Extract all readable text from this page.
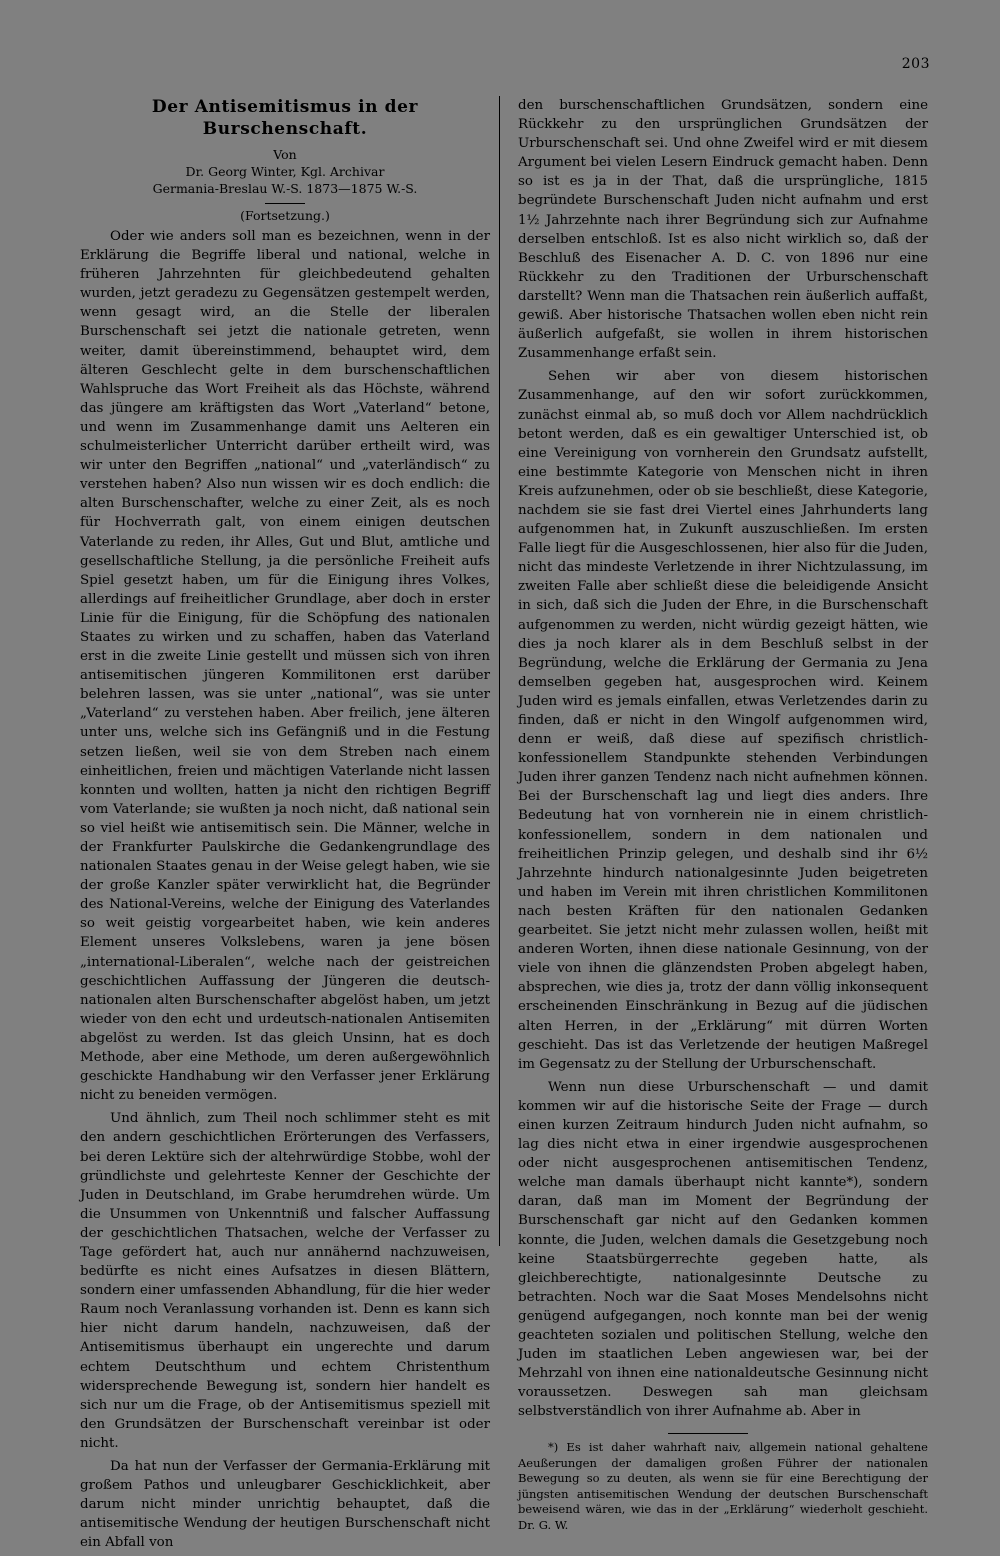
203
Der Antisemitismus in der Burschenschaft.
Von
Dr. Georg Winter, Kgl. Archivar
Germania-Breslau W.-S. 1873—1875 W.-S.
(Fortsetzung.)

Oder wie anders soll man es bezeichnen, wenn in der Erklärung die Begriffe liberal und national, welche in früheren Jahrzehnten für gleichbedeutend gehalten wurden, jetzt geradezu zu Gegensätzen gestempelt werden, wenn gesagt wird, an die Stelle der liberalen Burschenschaft sei jetzt die nationale getreten, wenn weiter, damit übereinstimmend, behauptet wird, dem älteren Geschlecht gelte in dem burschenschaftlichen Wahlspruche das Wort Freiheit als das Höchste, während das jüngere am kräftigsten das Wort „Vaterland“ betone, und wenn im Zusammenhange damit uns Aelteren ein schulmeisterlicher Unterricht darüber ertheilt wird, was wir unter den Begriffen „national“ und „vaterländisch“ zu verstehen haben? Also nun wissen wir es doch endlich: die alten Burschenschafter, welche zu einer Zeit, als es noch für Hochverrath galt, von einem einigen deutschen Vaterlande zu reden, ihr Alles, Gut und Blut, amtliche und gesellschaftliche Stellung, ja die persönliche Freiheit aufs Spiel gesetzt haben, um für die Einigung ihres Volkes, allerdings auf freiheitlicher Grundlage, aber doch in erster Linie für die Einigung, für die Schöpfung des nationalen Staates zu wirken und zu schaffen, haben das Vaterland erst in die zweite Linie gestellt und müssen sich von ihren antisemitischen jüngeren Kommilitonen erst darüber belehren lassen, was sie unter „national“, was sie unter „Vaterland“ zu verstehen haben. Aber freilich, jene älteren unter uns, welche sich ins Gefängniß und in die Festung setzen ließen, weil sie von dem Streben nach einem einheitlichen, freien und mächtigen Vaterlande nicht lassen konnten und wollten, hatten ja nicht den richtigen Begriff vom Vaterlande; sie wußten ja noch nicht, daß national sein so viel heißt wie antisemitisch sein. Die Männer, welche in der Frankfurter Paulskirche die Gedankengrundlage des nationalen Staates genau in der Weise gelegt haben, wie sie der große Kanzler später verwirklicht hat, die Begründer des National-Vereins, welche der Einigung des Vaterlandes so weit geistig vorgearbeitet haben, wie kein anderes Element unseres Volkslebens, waren ja jene bösen „international-Liberalen“, welche nach der geistreichen geschichtlichen Auffassung der Jüngeren die deutsch-nationalen alten Burschenschafter abgelöst haben, um jetzt wieder von den echt und urdeutsch-nationalen Antisemiten abgelöst zu werden. Ist das gleich Unsinn, hat es doch Methode, aber eine Methode, um deren außergewöhnlich geschickte Handhabung wir den Verfasser jener Erklärung nicht zu beneiden vermögen.

Und ähnlich, zum Theil noch schlimmer steht es mit den andern geschichtlichen Erörterungen des Verfassers, bei deren Lektüre sich der altehrwürdige Stobbe, wohl der gründlichste und gelehrteste Kenner der Geschichte der Juden in Deutschland, im Grabe herumdrehen würde. Um die Unsummen von Unkenntniß und falscher Auffassung der geschichtlichen Thatsachen, welche der Verfasser zu Tage gefördert hat, auch nur annähernd nachzuweisen, bedürfte es nicht eines Aufsatzes in diesen Blättern, sondern einer umfassenden Abhandlung, für die hier weder Raum noch Veranlassung vorhanden ist. Denn es kann sich hier nicht darum handeln, nachzuweisen, daß der Antisemitismus überhaupt ein ungerechte und darum echtem Deutschthum und echtem Christenthum widersprechende Bewegung ist, sondern hier handelt es sich nur um die Frage, ob der Antisemitismus speziell mit den Grundsätzen der Burschenschaft vereinbar ist oder nicht.

Da hat nun der Verfasser der Germania-Erklärung mit großem Pathos und unleugbarer Geschicklichkeit, aber darum nicht minder unrichtig behauptet, daß die antisemitische Wendung der heutigen Burschenschaft nicht ein Abfall von

den burschenschaftlichen Grundsätzen, sondern eine Rückkehr zu den ursprünglichen Grundsätzen der Urburschenschaft sei. Und ohne Zweifel wird er mit diesem Argument bei vielen Lesern Eindruck gemacht haben. Denn so ist es ja in der That, daß die ursprüngliche, 1815 begründete Burschenschaft Juden nicht aufnahm und erst 1½ Jahrzehnte nach ihrer Begründung sich zur Aufnahme derselben entschloß. Ist es also nicht wirklich so, daß der Beschluß des Eisenacher A. D. C. von 1896 nur eine Rückkehr zu den Traditionen der Urburschenschaft darstellt? Wenn man die Thatsachen rein äußerlich auffaßt, gewiß. Aber historische Thatsachen wollen eben nicht rein äußerlich aufgefaßt, sie wollen in ihrem historischen Zusammenhange erfaßt sein.

Sehen wir aber von diesem historischen Zusammenhange, auf den wir sofort zurückkommen, zunächst einmal ab, so muß doch vor Allem nachdrücklich betont werden, daß es ein gewaltiger Unterschied ist, ob eine Vereinigung von vornherein den Grundsatz aufstellt, eine bestimmte Kategorie von Menschen nicht in ihren Kreis aufzunehmen, oder ob sie beschließt, diese Kategorie, nachdem sie sie fast drei Viertel eines Jahrhunderts lang aufgenommen hat, in Zukunft auszuschließen. Im ersten Falle liegt für die Ausgeschlossenen, hier also für die Juden, nicht das mindeste Verletzende in ihrer Nichtzulassung, im zweiten Falle aber schließt diese die beleidigende Ansicht in sich, daß sich die Juden der Ehre, in die Burschenschaft aufgenommen zu werden, nicht würdig gezeigt hätten, wie dies ja noch klarer als in dem Beschluß selbst in der Begründung, welche die Erklärung der Germania zu Jena demselben gegeben hat, ausgesprochen wird. Keinem Juden wird es jemals einfallen, etwas Verletzendes darin zu finden, daß er nicht in den Wingolf aufgenommen wird, denn er weiß, daß diese auf spezifisch christlich-konfessionellem Standpunkte stehenden Verbindungen Juden ihrer ganzen Tendenz nach nicht aufnehmen können. Bei der Burschenschaft lag und liegt dies anders. Ihre Bedeutung hat von vornherein nie in einem christlich-konfessionellem, sondern in dem nationalen und freiheitlichen Prinzip gelegen, und deshalb sind ihr 6½ Jahrzehnte hindurch nationalgesinnte Juden beigetreten und haben im Verein mit ihren christlichen Kommilitonen nach besten Kräften für den nationalen Gedanken gearbeitet. Sie jetzt nicht mehr zulassen wollen, heißt mit anderen Worten, ihnen diese nationale Gesinnung, von der viele von ihnen die glänzendsten Proben abgelegt haben, absprechen, wie dies ja, trotz der dann völlig inkonsequent erscheinenden Einschränkung in Bezug auf die jüdischen alten Herren, in der „Erklärung“ mit dürren Worten geschieht. Das ist das Verletzende der heutigen Maßregel im Gegensatz zu der Stellung der Urburschenschaft.

Wenn nun diese Urburschenschaft — und damit kommen wir auf die historische Seite der Frage — durch einen kurzen Zeitraum hindurch Juden nicht aufnahm, so lag dies nicht etwa in einer irgendwie ausgesprochenen oder nicht ausgesprochenen antisemitischen Tendenz, welche man damals überhaupt nicht kannte*), sondern daran, daß man im Moment der Begründung der Burschenschaft gar nicht auf den Gedanken kommen konnte, die Juden, welchen damals die Gesetzgebung noch keine Staatsbürgerrechte gegeben hatte, als gleichberechtigte, nationalgesinnte Deutsche zu betrachten. Noch war die Saat Moses Mendelsohns nicht genügend aufgegangen, noch konnte man bei der wenig geachteten sozialen und politischen Stellung, welche den Juden im staatlichen Leben angewiesen war, bei der Mehrzahl von ihnen eine nationaldeutsche Gesinnung nicht voraussetzen. Deswegen sah man gleichsam selbstverständlich von ihrer Aufnahme ab. Aber in

*) Es ist daher wahrhaft naiv, allgemein national gehaltene Aeußerungen der damaligen großen Führer der nationalen Bewegung so zu deuten, als wenn sie für eine Berechtigung der jüngsten antisemitischen Wendung der deutschen Burschenschaft beweisend wären, wie das in der „Erklärung“ wiederholt geschieht. Dr. G. W.
